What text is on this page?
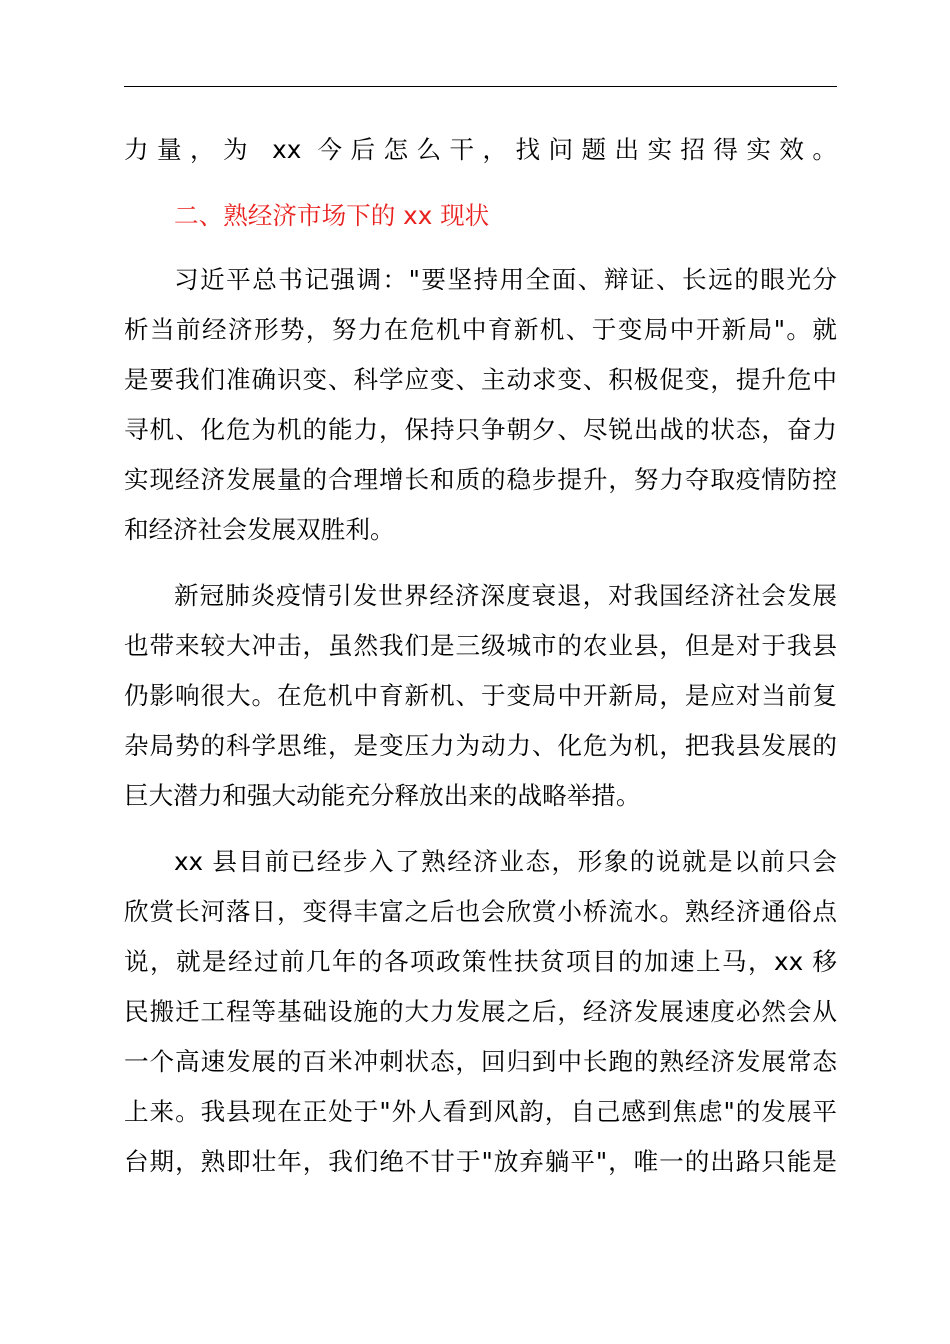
力量，为 xx 今后怎么干，找问题出实招得实效。
二、熟经济市场下的 xx 现状
习近平总书记强调："要坚持用全面、辩证、长远的眼光分
析当前经济形势，努力在危机中育新机、于变局中开新局"。就
是要我们准确识变、科学应变、主动求变、积极促变，提升危中
寻机、化危为机的能力，保持只争朝夕、尽锐出战的状态，奋力
实现经济发展量的合理增长和质的稳步提升，努力夺取疫情防控
和经济社会发展双胜利。
新冠肺炎疫情引发世界经济深度衰退，对我国经济社会发展
也带来较大冲击，虽然我们是三级城市的农业县，但是对于我县
仍影响很大。在危机中育新机、于变局中开新局，是应对当前复
杂局势的科学思维，是变压力为动力、化危为机，把我县发展的
巨大潜力和强大动能充分释放出来的战略举措。
xx 县目前已经步入了熟经济业态，形象的说就是以前只会
欣赏长河落日，变得丰富之后也会欣赏小桥流水。熟经济通俗点
说，就是经过前几年的各项政策性扶贫项目的加速上马，xx 移
民搬迁工程等基础设施的大力发展之后，经济发展速度必然会从
一个高速发展的百米冲刺状态，回归到中长跑的熟经济发展常态
上来。我县现在正处于"外人看到风韵，自己感到焦虑"的发展平
台期，熟即壮年，我们绝不甘于"放弃躺平"，唯一的出路只能是
